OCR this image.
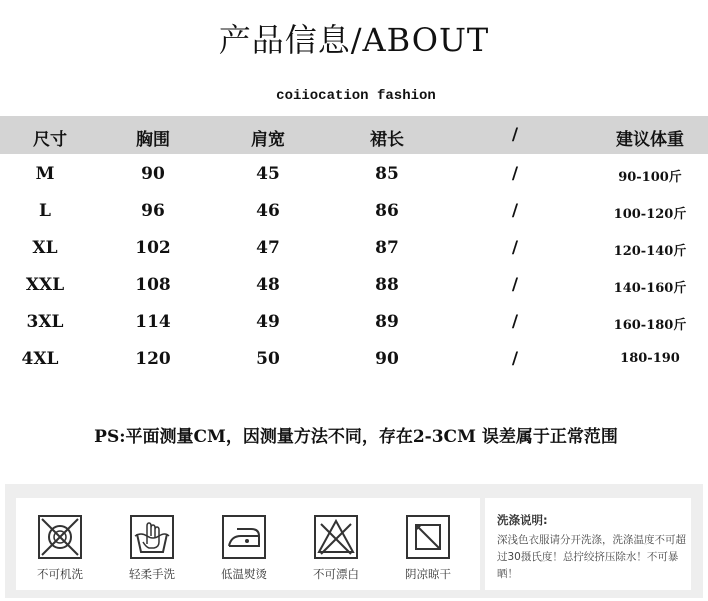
产品信息/ABOUT
coiiocation fashion
尺寸	胸围	肩宽	裙长	/	建议体重
M	90	45	85	/	90-100斤
L	96	46	86	/	100-120斤
XL	102	47	87	/	120-140斤
XXL	108	48	88	/	140-160斤
3XL	114	49	89	/	160-180斤
4XL	120	50	90	/	180-190
PS:平面测量CM，因测量方法不同，存在2-3CM 误差属于正常范围
不可机洗	轻柔手洗	低温熨烫	不可漂白	阴凉晾干
洗涤说明:
深浅色衣服请分开洗涤，洗涤温度不可超过30摄氏度！总拧绞挤压除水！不可暴晒！
